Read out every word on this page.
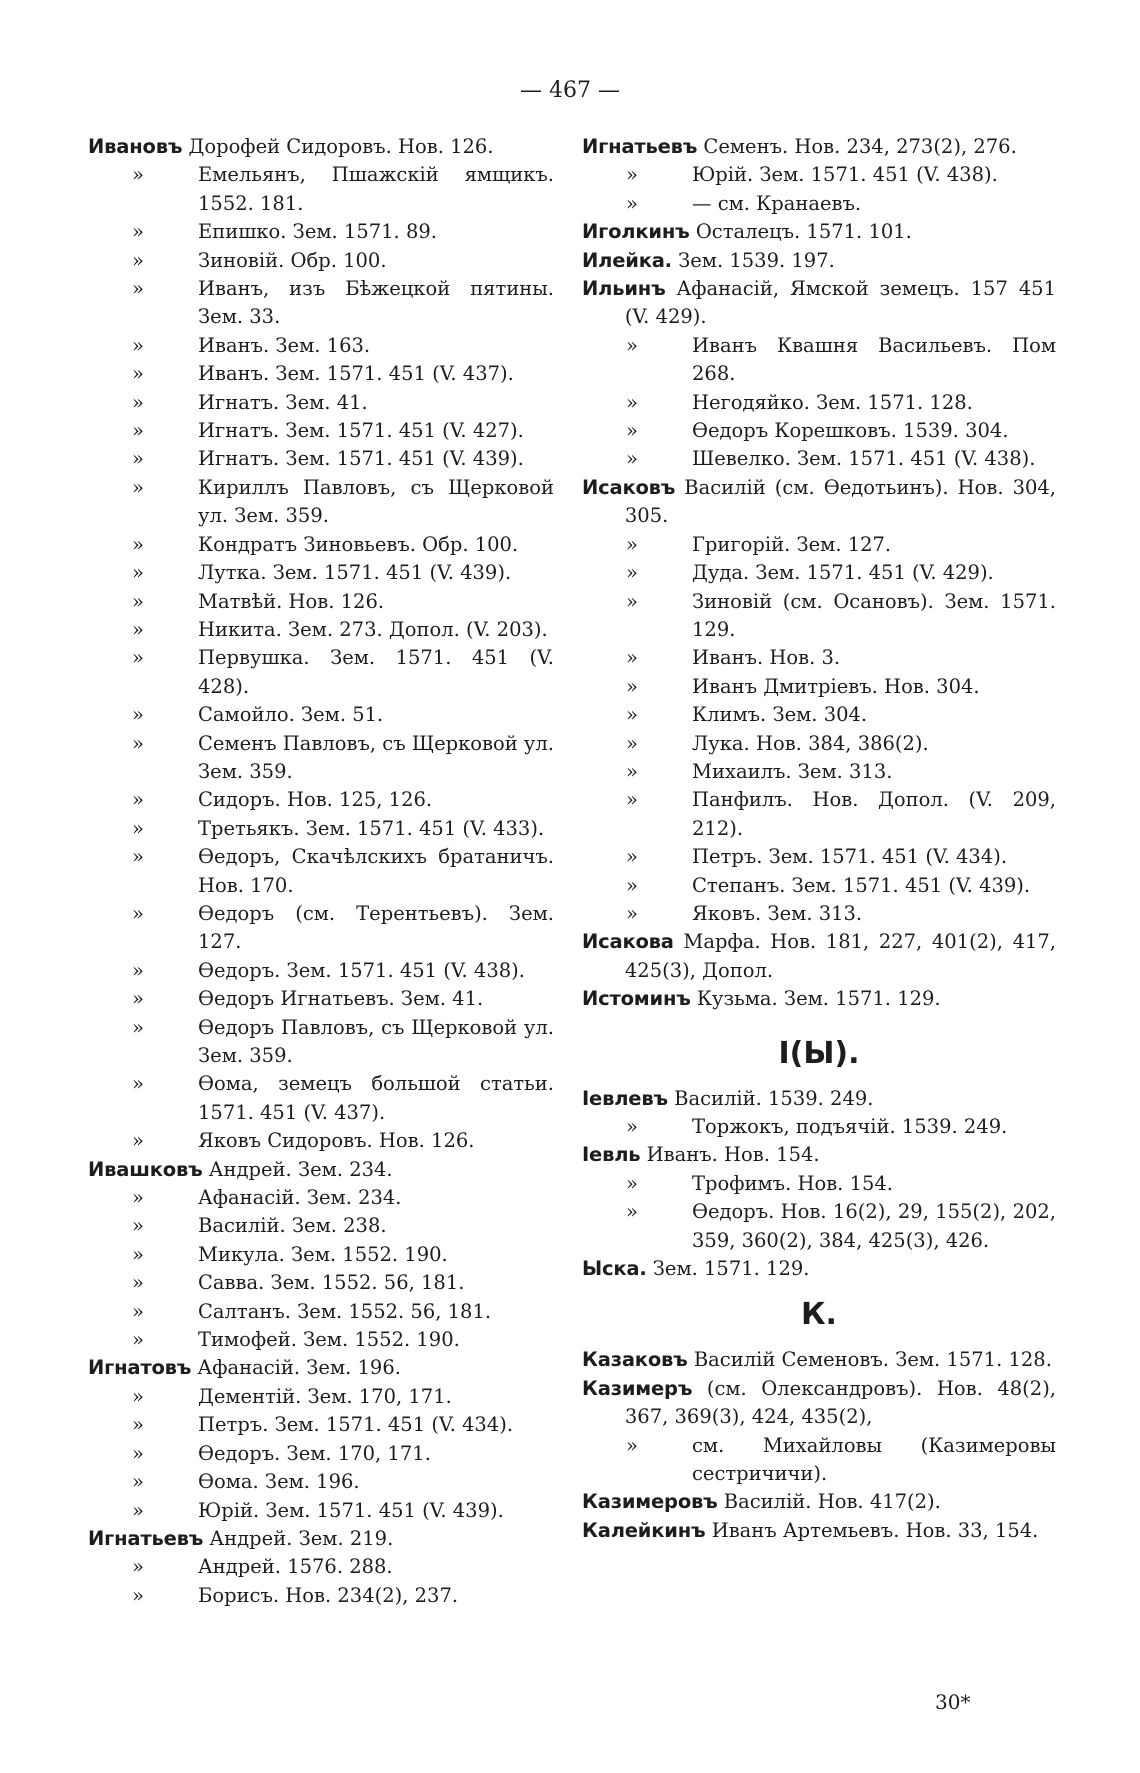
— 467 —
Ивановъ Дорофей Сидоровъ. Нов. 126.
»	Емельянъ, Пшажскій ямщикъ. 1552. 181.
»	Епишко. Зем. 1571. 89.
»	Зиновій. Обр. 100.
»	Иванъ, изъ Бѣжецкой пятины. Зем. 33.
»	Иванъ. Зем. 163.
»	Иванъ. Зем. 1571. 451 (V. 437).
»	Игнатъ. Зем. 41.
»	Игнатъ. Зем. 1571. 451 (V. 427).
»	Игнатъ. Зем. 1571. 451 (V. 439).
»	Кириллъ Павловъ, съ Щерковой ул. Зем. 359.
»	Кондратъ Зиновьевъ. Обр. 100.
»	Лутка. Зем. 1571. 451 (V. 439).
»	Матвѣй. Нов. 126.
»	Никита. Зем. 273. Допол. (V. 203).
»	Первушка. Зем. 1571. 451 (V. 428).
»	Самойло. Зем. 51.
»	Семенъ Павловъ, съ Щерковой ул. Зем. 359.
»	Сидоръ. Нов. 125, 126.
»	Третьякъ. Зем. 1571. 451 (V. 433).
»	Өедоръ, Скачѣлскихъ братаничъ. Нов. 170.
»	Өедоръ (см. Терентьевъ). Зем. 127.
»	Өедоръ. Зем. 1571. 451 (V. 438).
»	Өедоръ Игнатьевъ. Зем. 41.
»	Өедоръ Павловъ, съ Щерковой ул. Зем. 359.
»	Өома, земецъ большой статьи. 1571. 451 (V. 437).
»	Яковъ Сидоровъ. Нов. 126.
Ивашковъ Андрей. Зем. 234.
»	Афанасій. Зем. 234.
»	Василій. Зем. 238.
»	Микула. Зем. 1552. 190.
»	Савва. Зем. 1552. 56, 181.
»	Салтанъ. Зем. 1552. 56, 181.
»	Тимофей. Зем. 1552. 190.
Игнатовъ Афанасій. Зем. 196.
»	Дементій. Зем. 170, 171.
»	Петръ. Зем. 1571. 451 (V. 434).
»	Өедоръ. Зем. 170, 171.
»	Өома. Зем. 196.
»	Юрій. Зем. 1571. 451 (V. 439).
Игнатьевъ Андрей. Зем. 219.
»	Андрей. 1576. 288.
»	Борисъ. Нов. 234(2), 237.
Игнатьевъ Семенъ. Нов. 234, 273(2), 276.
»	Юрій. Зем. 1571. 451 (V. 438).
»	— см. Кранаевъ.
Иголкинъ Осталецъ. 1571. 101.
Илейка. Зем. 1539. 197.
Ильинъ Афанасій, Ямской земецъ. 157 451 (V. 429).
»	Иванъ Квашня Васильевъ. Пом 268.
»	Негодяйко. Зем. 1571. 128.
»	Өедоръ Корешковъ. 1539. 304.
»	Шевелко. Зем. 1571. 451 (V. 438).
Исаковъ Василій (см. Өедотьинъ). Нов. 304, 305.
»	Григорій. Зем. 127.
»	Дуда. Зем. 1571. 451 (V. 429).
»	Зиновій (см. Осановъ). Зем. 1571. 129.
»	Иванъ. Нов. 3.
»	Иванъ Дмитріевъ. Нов. 304.
»	Климъ. Зем. 304.
»	Лука. Нов. 384, 386(2).
»	Михаилъ. Зем. 313.
»	Панфилъ. Нов. Допол. (V. 209, 212).
»	Петръ. Зем. 1571. 451 (V. 434).
»	Степанъ. Зем. 1571. 451 (V. 439).
»	Яковъ. Зем. 313.
Исакова Марфа. Нов. 181, 227, 401(2), 417, 425(3), Допол.
Истоминъ Кузьма. Зем. 1571. 129.
І(Ы).
Іевлевъ Василій. 1539. 249.
»	Торжокъ, подъячій. 1539. 249.
Іевль Иванъ. Нов. 154.
»	Трофимъ. Нов. 154.
»	Өедоръ. Нов. 16(2), 29, 155(2), 202, 359, 360(2), 384, 425(3), 426.
Ыска. Зем. 1571. 129.
К.
Казаковъ Василій Семеновъ. Зем. 1571. 128.
Казимеръ (см. Олександровъ). Нов. 48(2), 367, 369(3), 424, 435(2),
»	см. Михайловы (Казимеровы сестричичи).
Казимеровъ Василій. Нов. 417(2).
Калейкинъ Иванъ Артемьевъ. Нов. 33, 154.
30*
